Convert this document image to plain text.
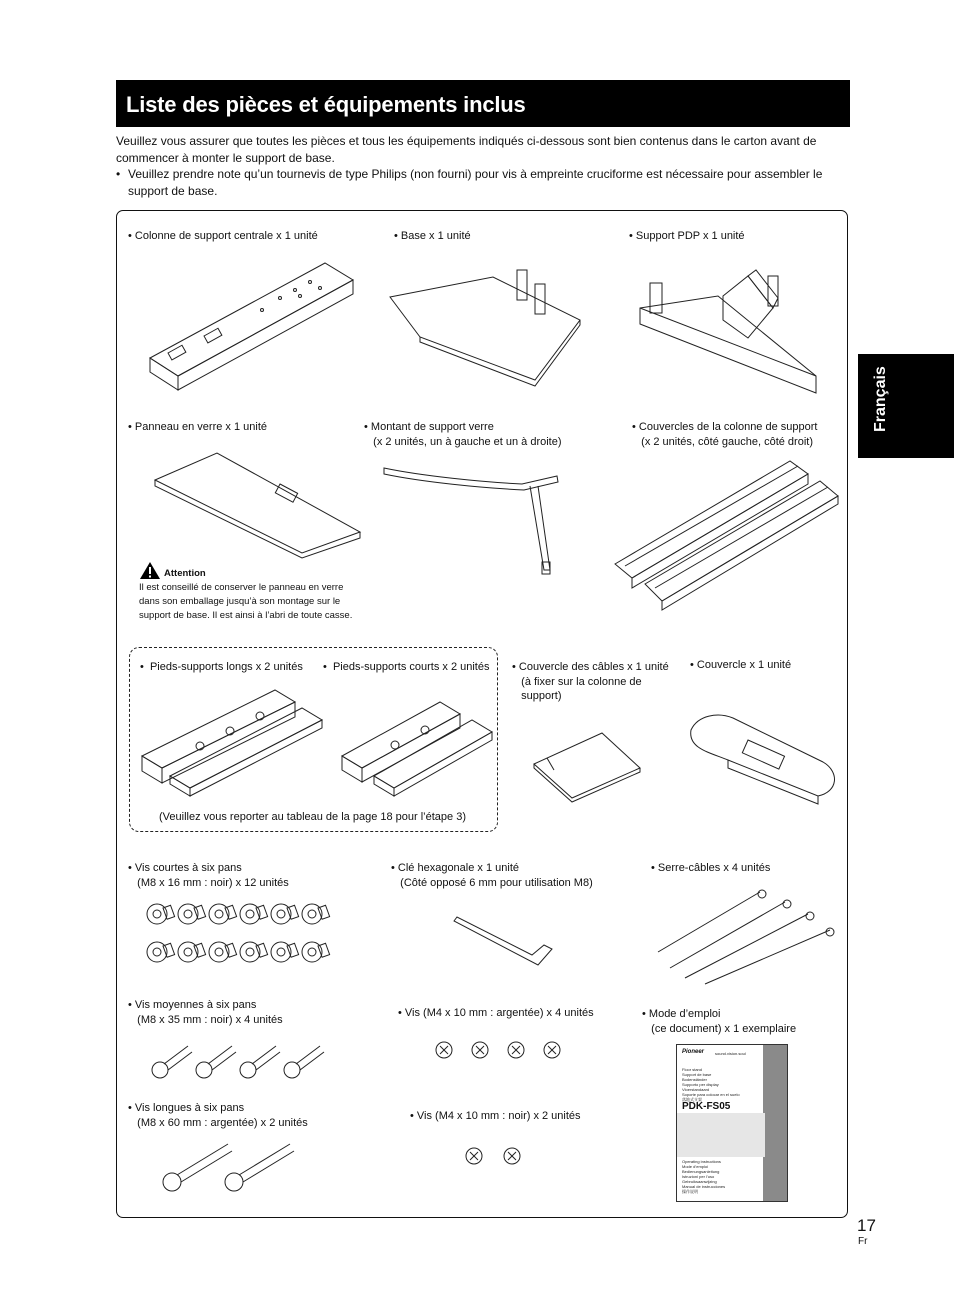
Liste des pièces et équipements inclus

Veuillez vous assurer que toutes les pièces et tous les équipements indiqués ci-dessous sont bien contenus dans le carton avant de commencer à monter le support de base.

• Veuillez prendre note qu’un tournevis de type Philips (non fourni) pour vis à empreinte cruciforme est nécessaire pour assembler le support de base.
Français
• Colonne de support centrale x 1 unité	• Base x 1 unité	• Support PDP x 1 unité
• Panneau en verre x 1 unité	• Montant de support verre
(x 2 unités, un à gauche et un à droite)
• Couvercles de la colonne de support
(x 2 unités, côté gauche, côté droit)
•  Pieds-supports longs x 2 unités •  Pieds-supports courts x 2 unités • Couvercle des câbles x 1 unité
(à fixer sur la colonne de
support)
• Couvercle x 1 unité
(Veuillez vous reporter au tableau de la page 18 pour l’étape 3)
• Vis courtes à six pans
(M8 x 16 mm : noir) x 12 unités
• Clé hexagonale x 1 unité
(Côté opposé 6 mm pour utilisation M8)
• Serre-câbles x 4 unités
• Vis moyennes à six pans
(M8 x 35 mm : noir) x 4 unités
• Vis (M4 x 10 mm : argentée) x 4 unités	• Mode d’emploi
(ce document) x 1 exemplaire
• Vis longues à six pans
(M8 x 60 mm : argentée) x 2 unités
• Vis (M4 x 10 mm : noir) x 2 unités
Attention
Il est conseillé de conserver le panneau en verre
dans son emballage jusqu’à son montage sur le
support de base. Il est ainsi à l’abri de toute casse.
Pioneer	sound.vision.soul
Floor stand
Support de base
Bodenständer
Supporto per display
Vloerstandaard
Soporte para colocar en el suelo
落地式支架
PDK-FS05
Operating instructions
Mode d’emploi
Bedienungsanleitung
Istruzioni per l’uso
Gebruiksaanwijzing
Manual de instrucciones
操作说明
17
Fr
